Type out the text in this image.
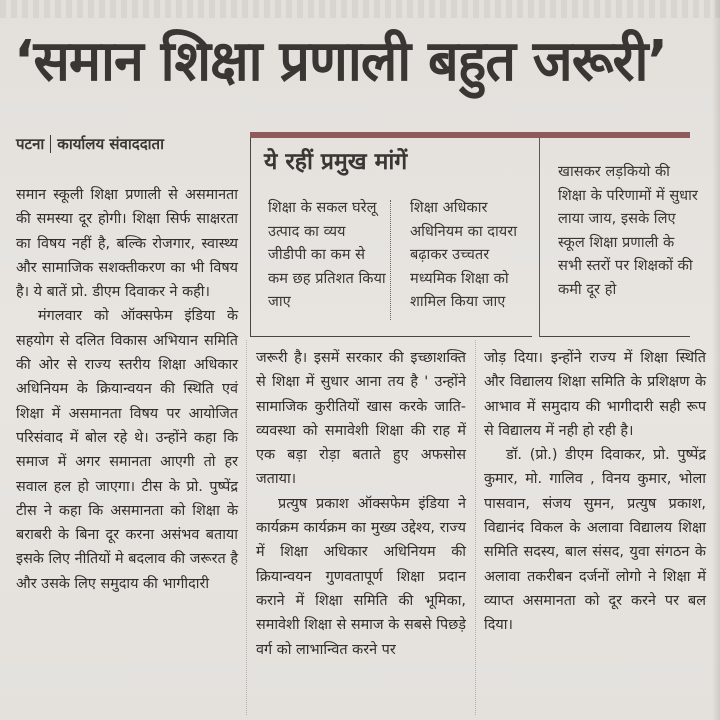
‘समान शिक्षा प्रणाली बहुत जरूरी’
पटना कार्यालय संवाददाता
ये रहीं प्रमुख मांगें
शिक्षा के सकल घरेलू उत्पाद का व्यय जीडीपी का कम से कम छह प्रतिशत किया जाए
शिक्षा अधिकार अधिनियम का दायरा बढ़ाकर उच्चतर मध्यमिक शिक्षा को शामिल किया जाए
खासकर लड़कियो की शिक्षा के परिणामों में सुधार लाया जाय, इसके लिए स्कूल शिक्षा प्रणाली के सभी स्तरों पर शिक्षकों की कमी दूर हो

समान स्कूली शिक्षा प्रणाली से असमानता की समस्या दूर होगी। शिक्षा सिर्फ साक्षरता का विषय नहीं है, बल्कि रोजगार, स्वास्थ्य और सामाजिक सशक्तीकरण का भी विषय है। ये बातें प्रो. डीएम दिवाकर ने कही।

मंगलवार को ऑक्सफेम इंडिया के सहयोग से दलित विकास अभियान समिति की ओर से राज्य स्तरीय शिक्षा अधिकार अधिनियम के क्रियान्वयन की स्थिति एवं शिक्षा में असमानता विषय पर आयोजित परिसंवाद में बोल रहे थे। उन्होंने कहा कि समाज में अगर समानता आएगी तो हर सवाल हल हो जाएगा। टीस के प्रो. पुष्पेंद्र टीस ने कहा कि असमानता को शिक्षा के बराबरी के बिना दूर करना असंभव बताया इसके लिए नीतियों मे बदलाव की जरूरत है और उसके लिए समुदाय की भागीदारी

जरूरी है। इसमें सरकार की इच्छाशक्ति से शिक्षा में सुधार आना तय है ' उन्होंने सामाजिक कुरीतियों खास करके जाति-व्यवस्था को समावेशी शिक्षा की राह में एक बड़ा रोड़ा बताते हुए अफसोस जताया।

प्रत्युष प्रकाश ऑक्सफेम इंडिया ने कार्यक्रम कार्यक्रम का मुख्य उद्देश्य, राज्य में शिक्षा अधिकार अधिनियम की क्रियान्वयन गुणवतापूर्ण शिक्षा प्रदान कराने में शिक्षा समिति की भूमिका, समावेशी शिक्षा से समाज के सबसे पिछड़े वर्ग को लाभान्वित करने पर

जोड़ दिया। इन्होंने राज्य में शिक्षा स्थिति और विद्यालय शिक्षा समिति के प्रशिक्षण के आभाव में समुदाय की भागीदारी सही रूप से विद्यालय में नही हो रही है।

डॉ. (प्रो.) डीएम दिवाकर, प्रो. पुष्पेंद्र कुमार, मो. गालिव , विनय कुमार, भोला पासवान, संजय सुमन, प्रत्युष प्रकाश, विद्यानंद विकल के अलावा विद्यालय शिक्षा समिति सदस्य, बाल संसद, युवा संगठन के अलावा तकरीबन दर्जनों लोगो ने शिक्षा में व्याप्त असमानता को दूर करने पर बल दिया।
